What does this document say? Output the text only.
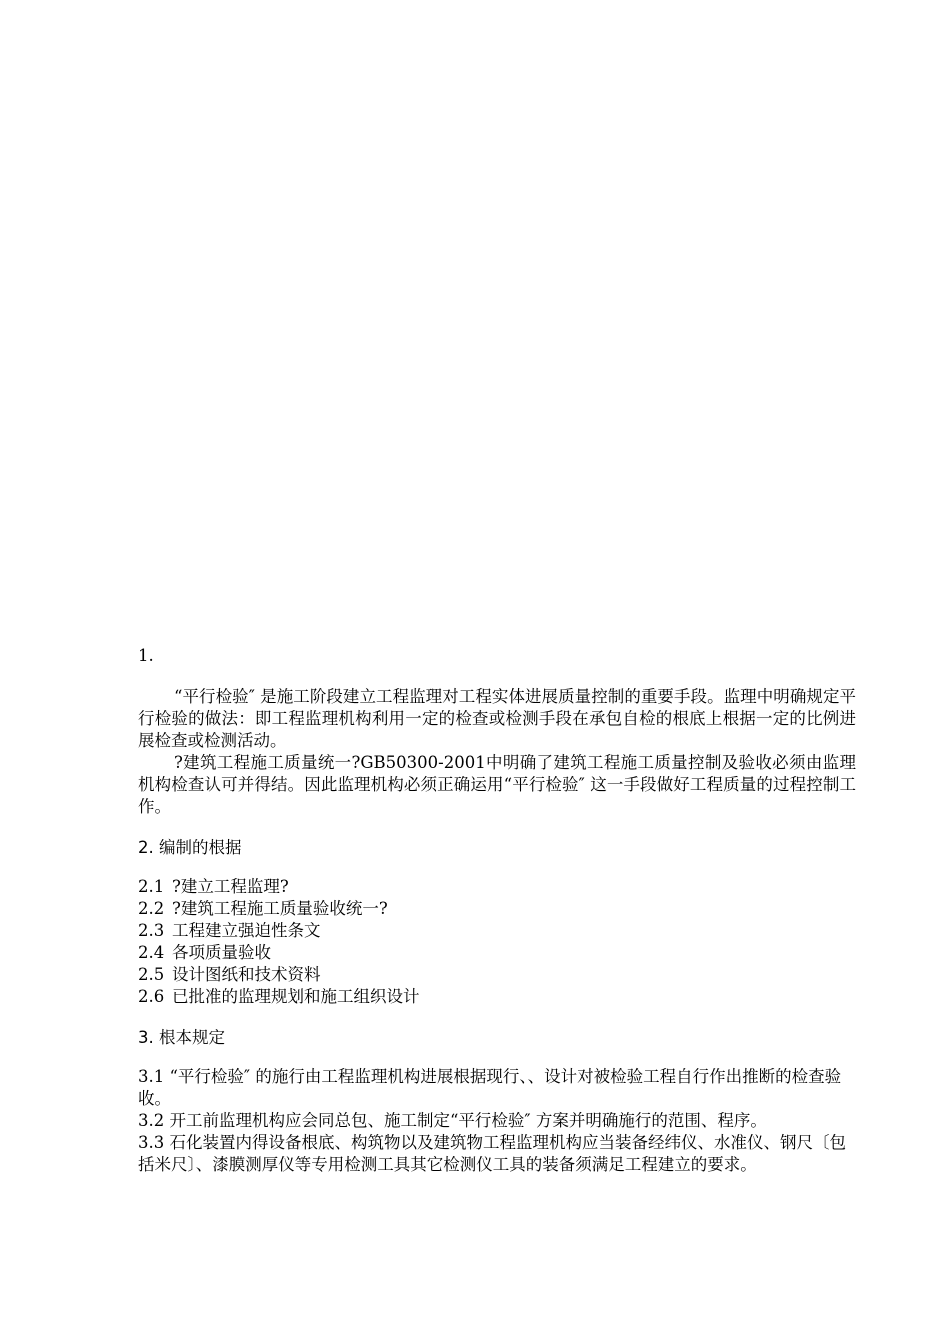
1.

“平行检验″ 是施工阶段建立工程监理对工程实体进展质量控制的重要手段。监理中明确规定平行检验的做法：即工程监理机构利用一定的检查或检测手段在承包自检的根底上根据一定的比例进展检查或检测活动。

?建筑工程施工质量统一?GB50300-2001中明确了建筑工程施工质量控制及验收必须由监理机构检查认可并得结。因此监理机构必须正确运用“平行检验″ 这一手段做好工程质量的过程控制工作。

2. 编制的根据

2.1 ?建立工程监理?
2.2 ?建筑工程施工质量验收统一?
2.3 工程建立强迫性条文
2.4 各项质量验收
2.5 设计图纸和技术资料
2.6 已批准的监理规划和施工组织设计

3. 根本规定

3.1 “平行检验″ 的施行由工程监理机构进展根据现行、、设计对被检验工程自行作出推断的检查验收。
3.2 开工前监理机构应会同总包、施工制定“平行检验″ 方案并明确施行的范围、程序。
3.3 石化装置内得设备根底、构筑物以及建筑物工程监理机构应当装备经纬仪、水准仪、钢尺〔包括米尺〕、漆膜测厚仪等专用检测工具其它检测仪工具的装备须满足工程建立的要求。
